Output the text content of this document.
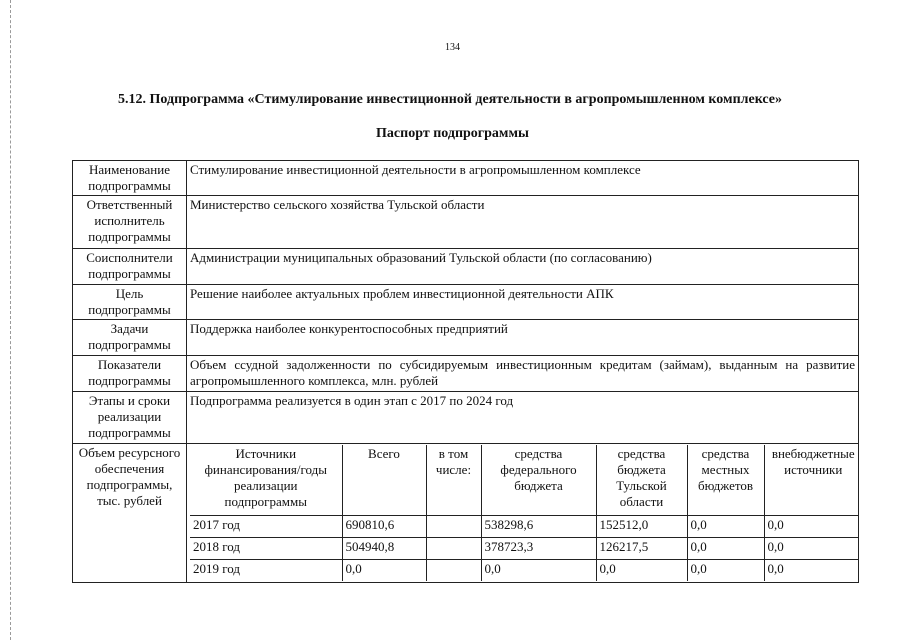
134
5.12. Подпрограмма «Стимулирование инвестиционной деятельности в агропромышленном комплексе»
Паспорт подпрограммы
Наименование подпрограммы	Стимулирование инвестиционной деятельности в агропромышленном комплексе
Ответственный исполнитель подпрограммы	Министерство сельского хозяйства Тульской области
Соисполнители подпрограммы	Администрации муниципальных образований Тульской области (по согласованию)
Цель подпрограммы	Решение наиболее актуальных проблем инвестиционной деятельности АПК
Задачи подпрограммы	Поддержка наиболее конкурентоспособных предприятий
Показатели подпрограммы	Объем ссудной задолженности по субсидируемым инвестиционным кредитам (займам), выданным на развитие агропромышленного комплекса, млн. рублей
Этапы и сроки реализации подпрограммы	Подпрограмма реализуется в один этап с 2017 по 2024 год
Объем ресурсного обеспечения подпрограммы, тыс. рублей	
Источники финансирования/годы реализации подпрограммы	Всего	в том числе:	средства федерального бюджета	средства бюджета Тульской области	средства местных бюджетов	внебюджетные источники
2017 год	690810,6		538298,6	152512,0	0,0	0,0
2018 год	504940,8		378723,3	126217,5	0,0	0,0
2019 год	0,0		0,0	0,0	0,0	0,0
